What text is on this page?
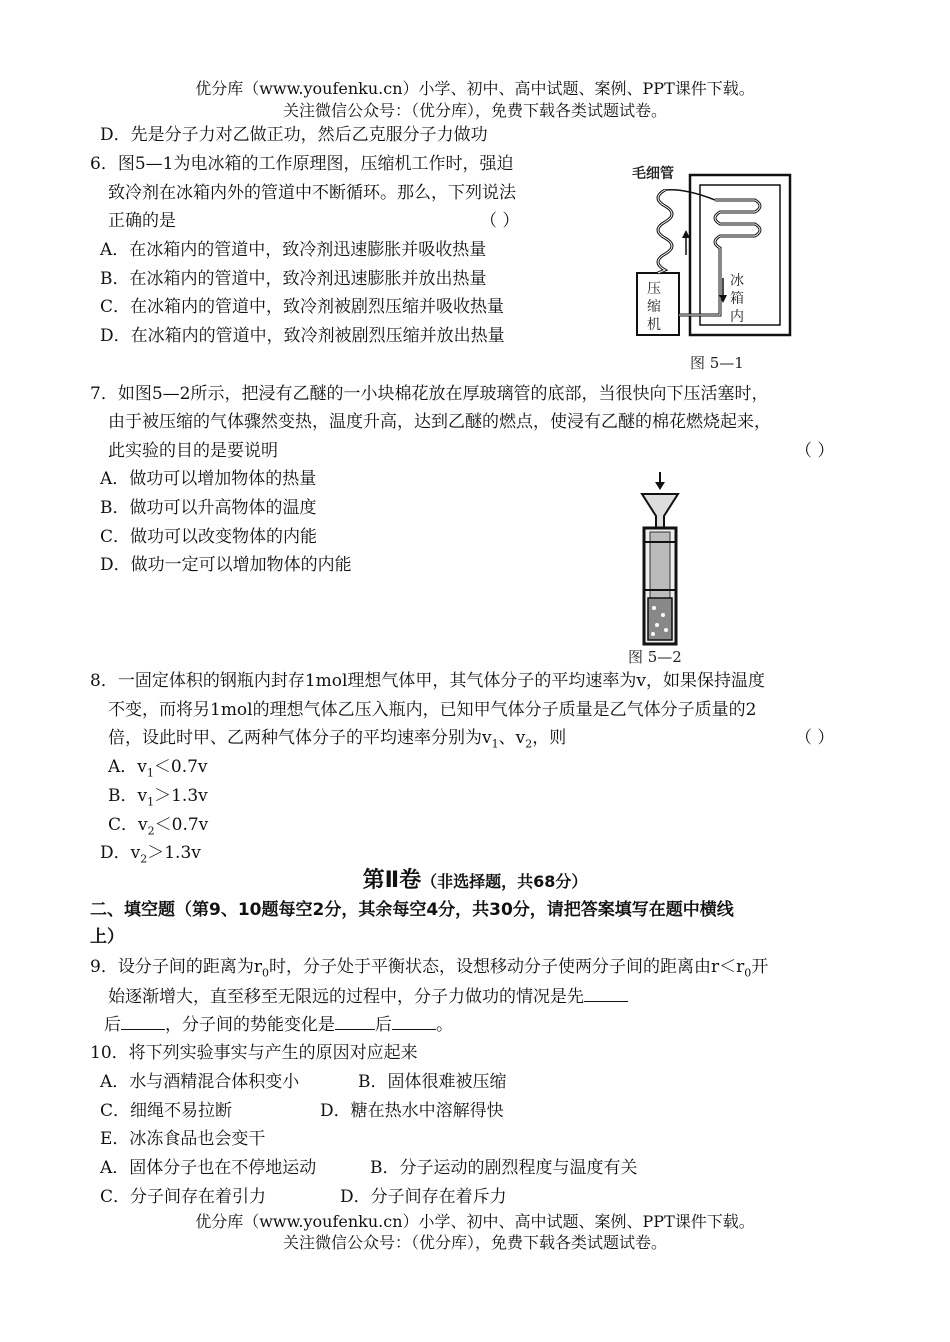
优分库（www.youfenku.cn）小学、初中、高中试题、案例、PPT课件下载。
关注微信公众号：（优分库），免费下载各类试题试卷。
D．先是分子力对乙做正功，然后乙克服分子力做功
6．图5—1为电冰箱的工作原理图，压缩机工作时，强迫
致冷剂在冰箱内外的管道中不断循环。那么，下列说法
正确的是	（ ）
A．在冰箱内的管道中，致冷剂迅速膨胀并吸收热量
B．在冰箱内的管道中，致冷剂迅速膨胀并放出热量
C．在冰箱内的管道中，致冷剂被剧烈压缩并吸收热量
D．在冰箱内的管道中，致冷剂被剧烈压缩并放出热量
毛细管
压
缩
机
冰
箱
内
图 5—1
7．如图5—2所示，把浸有乙醚的一小块棉花放在厚玻璃管的底部，当很快向下压活塞时，
由于被压缩的气体骤然变热，温度升高，达到乙醚的燃点，使浸有乙醚的棉花燃烧起来，
此实验的目的是要说明	（ ）
A．做功可以增加物体的热量
B．做功可以升高物体的温度
C．做功可以改变物体的内能
D．做功一定可以增加物体的内能
图 5—2
8．一固定体积的钢瓶内封存1mol理想气体甲，其气体分子的平均速率为v，如果保持温度
不变，而将另1mol的理想气体乙压入瓶内，已知甲气体分子质量是乙气体分子质量的2
倍，设此时甲、乙两种气体分子的平均速率分别为$v_1$、$v_2$，则	（ ）
A．$v_1<0.7v$
B．$v_1>1.3v$
C．$v_2<0.7v$
D．$v_2>1.3v$
第Ⅱ卷（非选择题，共68分）
二、填空题（第9、10题每空2分，其余每空4分，共30分，请把答案填写在题中横线
上）
9．设分子间的距离为$r_0$时，分子处于平衡状态，设想移动分子使两分子间的距离由$r<r_0$开
始逐渐增大，直至移至无限远的过程中，分子力做功的情况是先
后	，分子间的势能变化是 后	。
10．将下列实验事实与产生的原因对应起来
A．水与酒精混合体积变小	B．固体很难被压缩
C．细绳不易拉断	D．糖在热水中溶解得快
E．冰冻食品也会变干
A．固体分子也在不停地运动	B．分子运动的剧烈程度与温度有关
C．分子间存在着引力	D．分子间存在着斥力
优分库（www.youfenku.cn）小学、初中、高中试题、案例、PPT课件下载。
关注微信公众号：（优分库），免费下载各类试题试卷。
